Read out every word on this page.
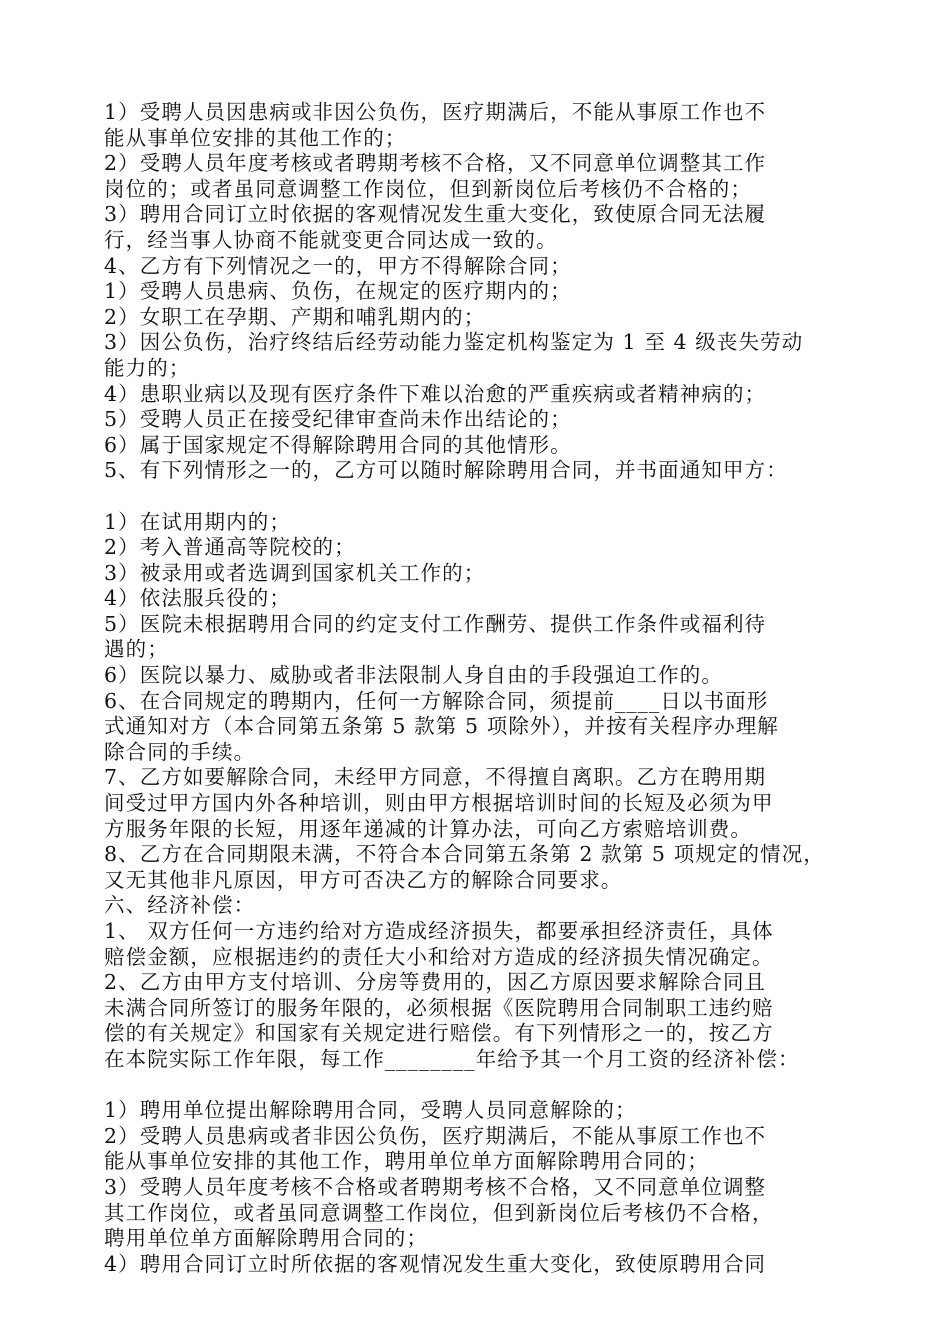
1）受聘人员因患病或非因公负伤，医疗期满后，不能从事原工作也不
能从事单位安排的其他工作的；
2）受聘人员年度考核或者聘期考核不合格，又不同意单位调整其工作
岗位的；或者虽同意调整工作岗位，但到新岗位后考核仍不合格的；
3）聘用合同订立时依据的客观情况发生重大变化，致使原合同无法履
行，经当事人协商不能就变更合同达成一致的。
4、乙方有下列情况之一的，甲方不得解除合同；
1）受聘人员患病、负伤，在规定的医疗期内的；
2）女职工在孕期、产期和哺乳期内的；
3）因公负伤，治疗终结后经劳动能力鉴定机构鉴定为 1 至 4 级丧失劳动
能力的；
4）患职业病以及现有医疗条件下难以治愈的严重疾病或者精神病的；
5）受聘人员正在接受纪律审查尚未作出结论的；
6）属于国家规定不得解除聘用合同的其他情形。
5、有下列情形之一的，乙方可以随时解除聘用合同，并书面通知甲方：
1）在试用期内的；
2）考入普通高等院校的；
3）被录用或者选调到国家机关工作的；
4）依法服兵役的；
5）医院未根据聘用合同的约定支付工作酬劳、提供工作条件或福利待
遇的；
6）医院以暴力、威胁或者非法限制人身自由的手段强迫工作的。
6、在合同规定的聘期内，任何一方解除合同，须提前____日以书面形
式通知对方（本合同第五条第 5 款第 5 项除外），并按有关程序办理解
除合同的手续。
7、乙方如要解除合同，未经甲方同意，不得擅自离职。乙方在聘用期
间受过甲方国内外各种培训，则由甲方根据培训时间的长短及必须为甲
方服务年限的长短，用逐年递减的计算办法，可向乙方索赔培训费。
8、乙方在合同期限未满，不符合本合同第五条第 2 款第 5 项规定的情况，
又无其他非凡原因，甲方可否决乙方的解除合同要求。
六、经济补偿：
1、 双方任何一方违约给对方造成经济损失，都要承担经济责任，具体
赔偿金额，应根据违约的责任大小和给对方造成的经济损失情况确定。
2、乙方由甲方支付培训、分房等费用的，因乙方原因要求解除合同且
未满合同所签订的服务年限的，必须根据《医院聘用合同制职工违约赔
偿的有关规定》和国家有关规定进行赔偿。有下列情形之一的，按乙方
在本院实际工作年限，每工作________年给予其一个月工资的经济补偿：
1）聘用单位提出解除聘用合同，受聘人员同意解除的；
2）受聘人员患病或者非因公负伤，医疗期满后，不能从事原工作也不
能从事单位安排的其他工作，聘用单位单方面解除聘用合同的；
3）受聘人员年度考核不合格或者聘期考核不合格，又不同意单位调整
其工作岗位，或者虽同意调整工作岗位，但到新岗位后考核仍不合格，
聘用单位单方面解除聘用合同的；
4）聘用合同订立时所依据的客观情况发生重大变化，致使原聘用合同
